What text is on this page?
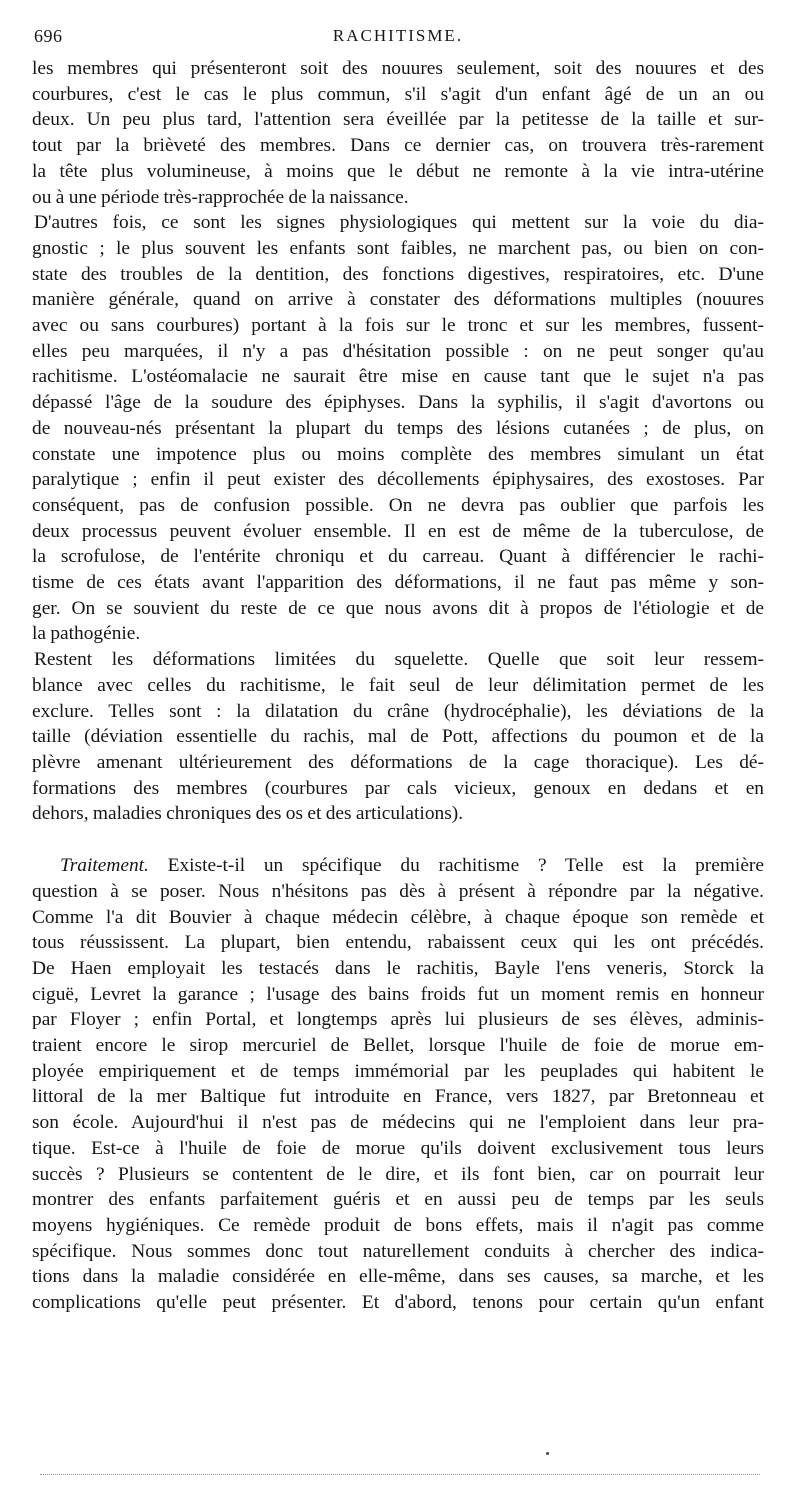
696	RACHITISME.
les membres qui présenteront soit des nouures seulement, soit des nouures et des
courbures, c'est le cas le plus commun, s'il s'agit d'un enfant âgé de un an ou
deux. Un peu plus tard, l'attention sera éveillée par la petitesse de la taille et sur-
tout par la brièveté des membres. Dans ce dernier cas, on trouvera très-rarement
la tête plus volumineuse, à moins que le début ne remonte à la vie intra-utérine
ou à une période très-rapprochée de la naissance.
D'autres fois, ce sont les signes physiologiques qui mettent sur la voie du dia-
gnostic ; le plus souvent les enfants sont faibles, ne marchent pas, ou bien on con-
state des troubles de la dentition, des fonctions digestives, respiratoires, etc. D'une
manière générale, quand on arrive à constater des déformations multiples (nouures
avec ou sans courbures) portant à la fois sur le tronc et sur les membres, fussent-
elles peu marquées, il n'y a pas d'hésitation possible : on ne peut songer qu'au
rachitisme. L'ostéomalacie ne saurait être mise en cause tant que le sujet n'a pas
dépassé l'âge de la soudure des épiphyses. Dans la syphilis, il s'agit d'avortons ou
de nouveau-nés présentant la plupart du temps des lésions cutanées ; de plus, on
constate une impotence plus ou moins complète des membres simulant un état
paralytique ; enfin il peut exister des décollements épiphysaires, des exostoses. Par
conséquent, pas de confusion possible. On ne devra pas oublier que parfois les
deux processus peuvent évoluer ensemble. Il en est de même de la tuberculose, de
la scrofulose, de l'entérite chroniqu et du carreau. Quant à différencier le rachi-
tisme de ces états avant l'apparition des déformations, il ne faut pas même y son-
ger. On se souvient du reste de ce que nous avons dit à propos de l'étiologie et de
la pathogénie.
Restent les déformations limitées du squelette. Quelle que soit leur ressem-
blance avec celles du rachitisme, le fait seul de leur délimitation permet de les
exclure. Telles sont : la dilatation du crâne (hydrocéphalie), les déviations de la
taille (déviation essentielle du rachis, mal de Pott, affections du poumon et de la
plèvre amenant ultérieurement des déformations de la cage thoracique). Les dé-
formations des membres (courbures par cals vicieux, genoux en dedans et en
dehors, maladies chroniques des os et des articulations).
Traitement. Existe-t-il un spécifique du rachitisme ? Telle est la première
question à se poser. Nous n'hésitons pas dès à présent à répondre par la négative.
Comme l'a dit Bouvier à chaque médecin célèbre, à chaque époque son remède et
tous réussissent. La plupart, bien entendu, rabaissent ceux qui les ont précédés.
De Haen employait les testacés dans le rachitis, Bayle l'ens veneris, Storck la
ciguë, Levret la garance ; l'usage des bains froids fut un moment remis en honneur
par Floyer ; enfin Portal, et longtemps après lui plusieurs de ses élèves, adminis-
traient encore le sirop mercuriel de Bellet, lorsque l'huile de foie de morue em-
ployée empiriquement et de temps immémorial par les peuplades qui habitent le
littoral de la mer Baltique fut introduite en France, vers 1827, par Bretonneau et
son école. Aujourd'hui il n'est pas de médecins qui ne l'emploient dans leur pra-
tique. Est-ce à l'huile de foie de morue qu'ils doivent exclusivement tous leurs
succès ? Plusieurs se contentent de le dire, et ils font bien, car on pourrait leur
montrer des enfants parfaitement guéris et en aussi peu de temps par les seuls
moyens hygiéniques. Ce remède produit de bons effets, mais il n'agit pas comme
spécifique. Nous sommes donc tout naturellement conduits à chercher des indica-
tions dans la maladie considérée en elle-même, dans ses causes, sa marche, et les
complications qu'elle peut présenter. Et d'abord, tenons pour certain qu'un enfant
